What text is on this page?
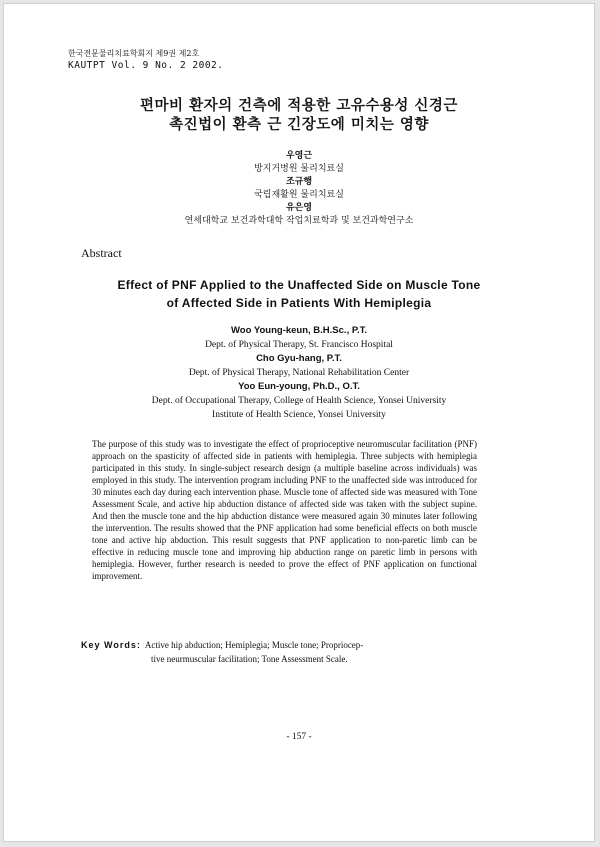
한국전문물리치료학회지 제9권 제2호
KAUTPT Vol. 9 No. 2 2002.
편마비 환자의 건측에 적용한 고유수용성 신경근
촉진법이 환측 근 긴장도에 미치는 영향
우영근
방지거병원 물리치료실
조규행
국립재활원 물리치료실
유은영
연세대학교 보건과학대학 작업치료학과 및 보건과학연구소
Abstract
Effect of PNF Applied to the Unaffected Side on Muscle Tone
of Affected Side in Patients With Hemiplegia
Woo Young-keun, B.H.Sc., P.T.
Dept. of Physical Therapy, St. Francisco Hospital
Cho Gyu-hang, P.T.
Dept. of Physical Therapy, National Rehabilitation Center
Yoo Eun-young, Ph.D., O.T.
Dept. of Occupational Therapy, College of Health Science, Yonsei University
Institute of Health Science, Yonsei University
The purpose of this study was to investigate the effect of proprioceptive neuromuscular facilitation (PNF) approach on the spasticity of affected side in patients with hemiplegia. Three subjects with hemiplegia participated in this study. In single-subject research design (a multiple baseline across individuals) was employed in this study. The intervention program including PNF to the unaffected side was introduced for 30 minutes each day during each intervention phase. Muscle tone of affected side was measured with Tone Assessment Scale, and active hip abduction distance of affected side was taken with the subject supine. And then the muscle tone and the hip abduction distance were measured again 30 minutes later following the intervention. The results showed that the PNF application had some beneficial effects on both muscle tone and active hip abduction. This result suggests that PNF application to non-paretic limb can be effective in reducing muscle tone and improving hip abduction range on paretic limb in persons with hemiplegia. However, further research is needed to prove the effect of PNF application on functional improvement.
Key Words: Active hip abduction; Hemiplegia; Muscle tone; Propriocep-
tive neurmuscular facilitation; Tone Assessment Scale.
- 157 -
